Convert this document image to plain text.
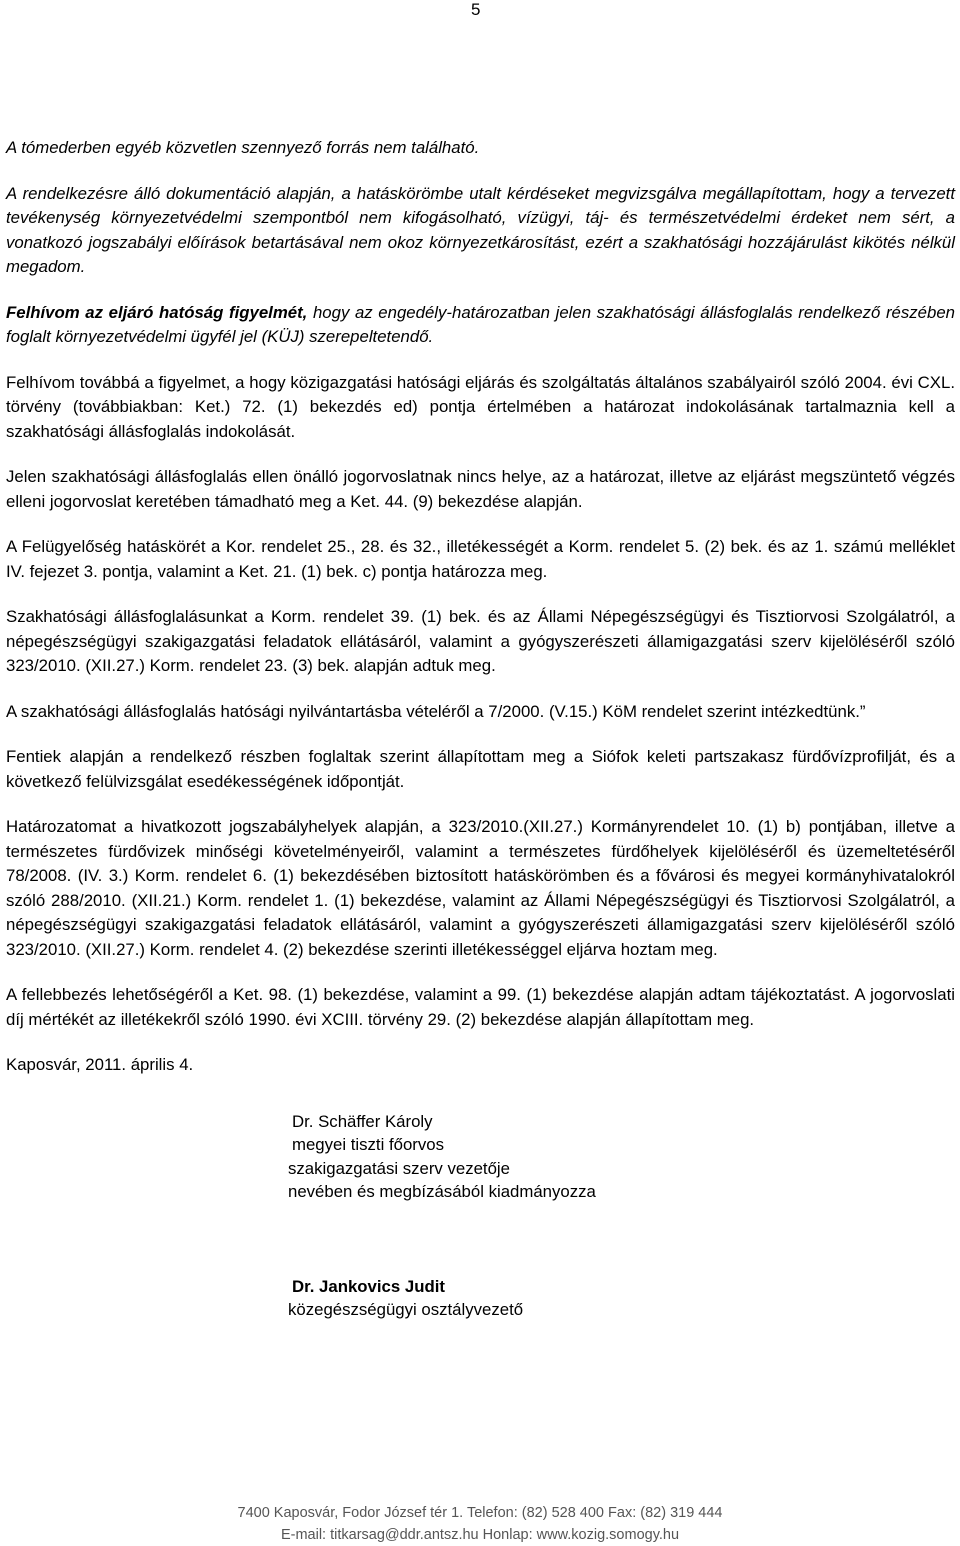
5

A tómederben egyéb közvetlen szennyező forrás nem található.

A rendelkezésre álló dokumentáció alapján, a hatáskörömbe utalt kérdéseket megvizsgálva megállapítottam, hogy a tervezett tevékenység környezetvédelmi szempontból nem kifogásolható, vízügyi, táj- és természetvédelmi érdeket nem sért, a vonatkozó jogszabályi előírások betartásával nem okoz környezetkárosítást, ezért a szakhatósági hozzájárulást kikötés nélkül megadom.

Felhívom az eljáró hatóság figyelmét, hogy az engedély-határozatban jelen szakhatósági állásfoglalás rendelkező részében foglalt környezetvédelmi ügyfél jel (KÜJ) szerepeltetendő.

Felhívom továbbá a figyelmet, a hogy közigazgatási hatósági eljárás és szolgáltatás általános szabályairól szóló 2004. évi CXL. törvény (továbbiakban: Ket.) 72. (1) bekezdés ed) pontja értelmében a határozat indokolásának tartalmaznia kell a szakhatósági állásfoglalás indokolását.

Jelen szakhatósági állásfoglalás ellen önálló jogorvoslatnak nincs helye, az a határozat, illetve az eljárást megszüntető végzés elleni jogorvoslat keretében támadható meg a Ket. 44. (9) bekezdése alapján.

A Felügyelőség hatáskörét a Kor. rendelet 25., 28. és 32., illetékességét a Korm. rendelet 5. (2) bek. és az 1. számú melléklet IV. fejezet 3. pontja, valamint a Ket. 21. (1) bek. c) pontja határozza meg.

Szakhatósági állásfoglalásunkat a Korm. rendelet 39. (1) bek. és az Állami Népegészségügyi és Tisztiorvosi Szolgálatról, a népegészségügyi szakigazgatási feladatok ellátásáról, valamint a gyógyszerészeti államigazgatási szerv kijelöléséről szóló 323/2010. (XII.27.) Korm. rendelet 23. (3) bek. alapján adtuk meg.

A szakhatósági állásfoglalás hatósági nyilvántartásba vételéről a 7/2000. (V.15.) KöM rendelet szerint intézkedtünk.”

Fentiek alapján a rendelkező részben foglaltak szerint állapítottam meg a Siófok keleti partszakasz fürdővízprofilját, és a következő felülvizsgálat esedékességének időpontját.

Határozatomat a hivatkozott jogszabályhelyek alapján, a 323/2010.(XII.27.) Kormányrendelet 10. (1) b) pontjában, illetve a természetes fürdővizek minőségi követelményeiről, valamint a természetes fürdőhelyek kijelöléséről és üzemeltetéséről 78/2008. (IV. 3.) Korm. rendelet 6. (1) bekezdésében biztosított hatáskörömben és a fővárosi és megyei kormányhivatalokról szóló 288/2010. (XII.21.) Korm. rendelet 1. (1) bekezdése, valamint az Állami Népegészségügyi és Tisztiorvosi Szolgálatról, a népegészségügyi szakigazgatási feladatok ellátásáról, valamint a gyógyszerészeti államigazgatási szerv kijelöléséről szóló 323/2010. (XII.27.) Korm. rendelet 4. (2) bekezdése szerinti illetékességgel eljárva hoztam meg.

A fellebbezés lehetőségéről a Ket. 98. (1) bekezdése, valamint a 99. (1) bekezdése alapján adtam tájékoztatást. A jogorvoslati díj mértékét az illetékekről szóló 1990. évi XCIII. törvény 29. (2) bekezdése alapján állapítottam meg.

Kaposvár, 2011. április 4.

Dr. Schäffer Károly
megyei tiszti főorvos
szakigazgatási szerv vezetője
nevében és megbízásából kiadmányozza
Dr. Jankovics Judit
közegészségügyi osztályvezető
7400 Kaposvár, Fodor József tér 1. Telefon: (82) 528 400 Fax: (82) 319 444
E-mail: titkarsag@ddr.antsz.hu Honlap: www.kozig.somogy.hu
